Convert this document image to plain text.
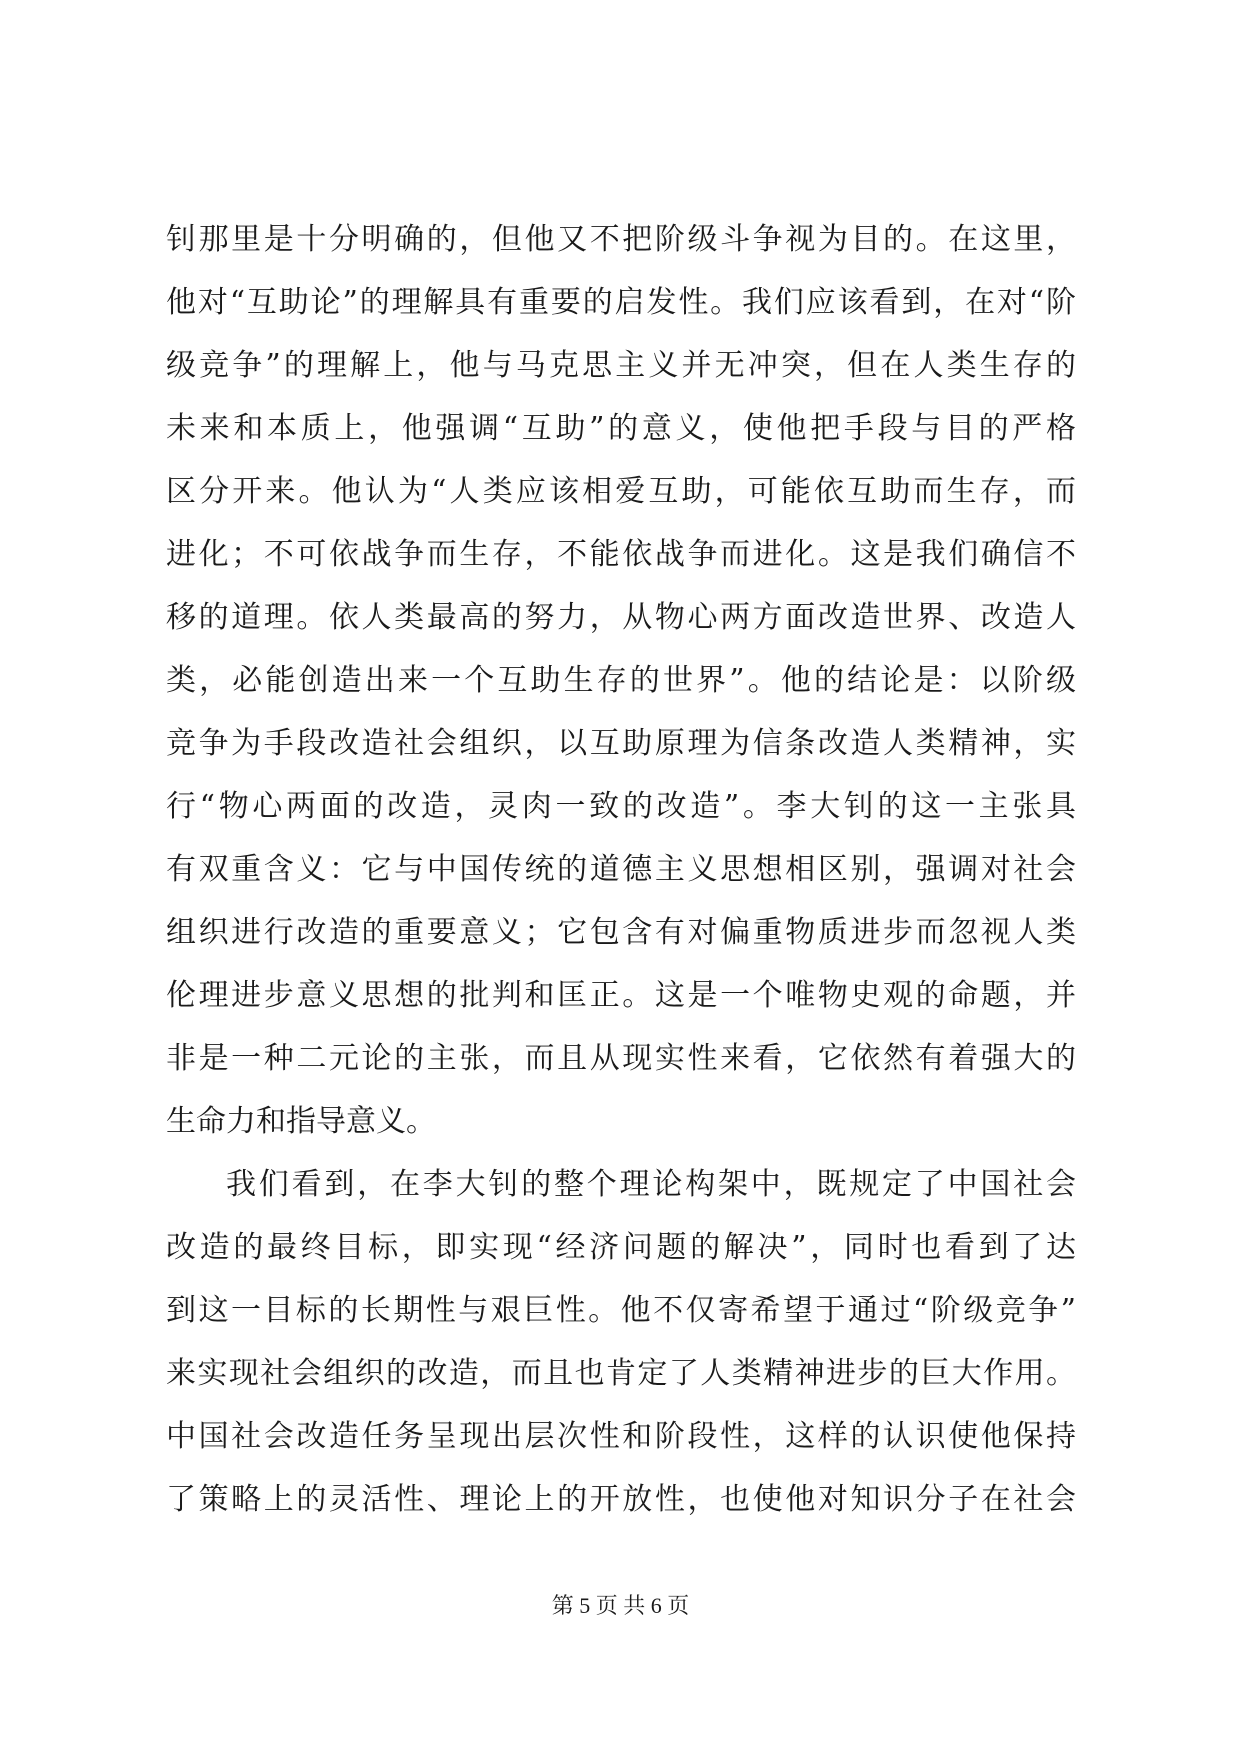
钊那里是十分明确的，但他又不把阶级斗争视为目的。在这里，
他对“互助论”的理解具有重要的启发性。我们应该看到，在对“阶
级竞争”的理解上，他与马克思主义并无冲突，但在人类生存的
未来和本质上，他强调“互助”的意义，使他把手段与目的严格
区分开来。他认为“人类应该相爱互助，可能依互助而生存，而
进化；不可依战争而生存，不能依战争而进化。这是我们确信不
移的道理。依人类最高的努力，从物心两方面改造世界、改造人
类，必能创造出来一个互助生存的世界”。他的结论是：以阶级
竞争为手段改造社会组织，以互助原理为信条改造人类精神，实
行“物心两面的改造，灵肉一致的改造”。李大钊的这一主张具
有双重含义：它与中国传统的道德主义思想相区别，强调对社会
组织进行改造的重要意义；它包含有对偏重物质进步而忽视人类
伦理进步意义思想的批判和匡正。这是一个唯物史观的命题，并
非是一种二元论的主张，而且从现实性来看，它依然有着强大的
生命力和指导意义。
我们看到，在李大钊的整个理论构架中，既规定了中国社会
改造的最终目标，即实现“经济问题的解决”，同时也看到了达
到这一目标的长期性与艰巨性。他不仅寄希望于通过“阶级竞争”
来实现社会组织的改造，而且也肯定了人类精神进步的巨大作用。
中国社会改造任务呈现出层次性和阶段性，这样的认识使他保持
了策略上的灵活性、理论上的开放性，也使他对知识分子在社会
第 5 页 共 6 页
